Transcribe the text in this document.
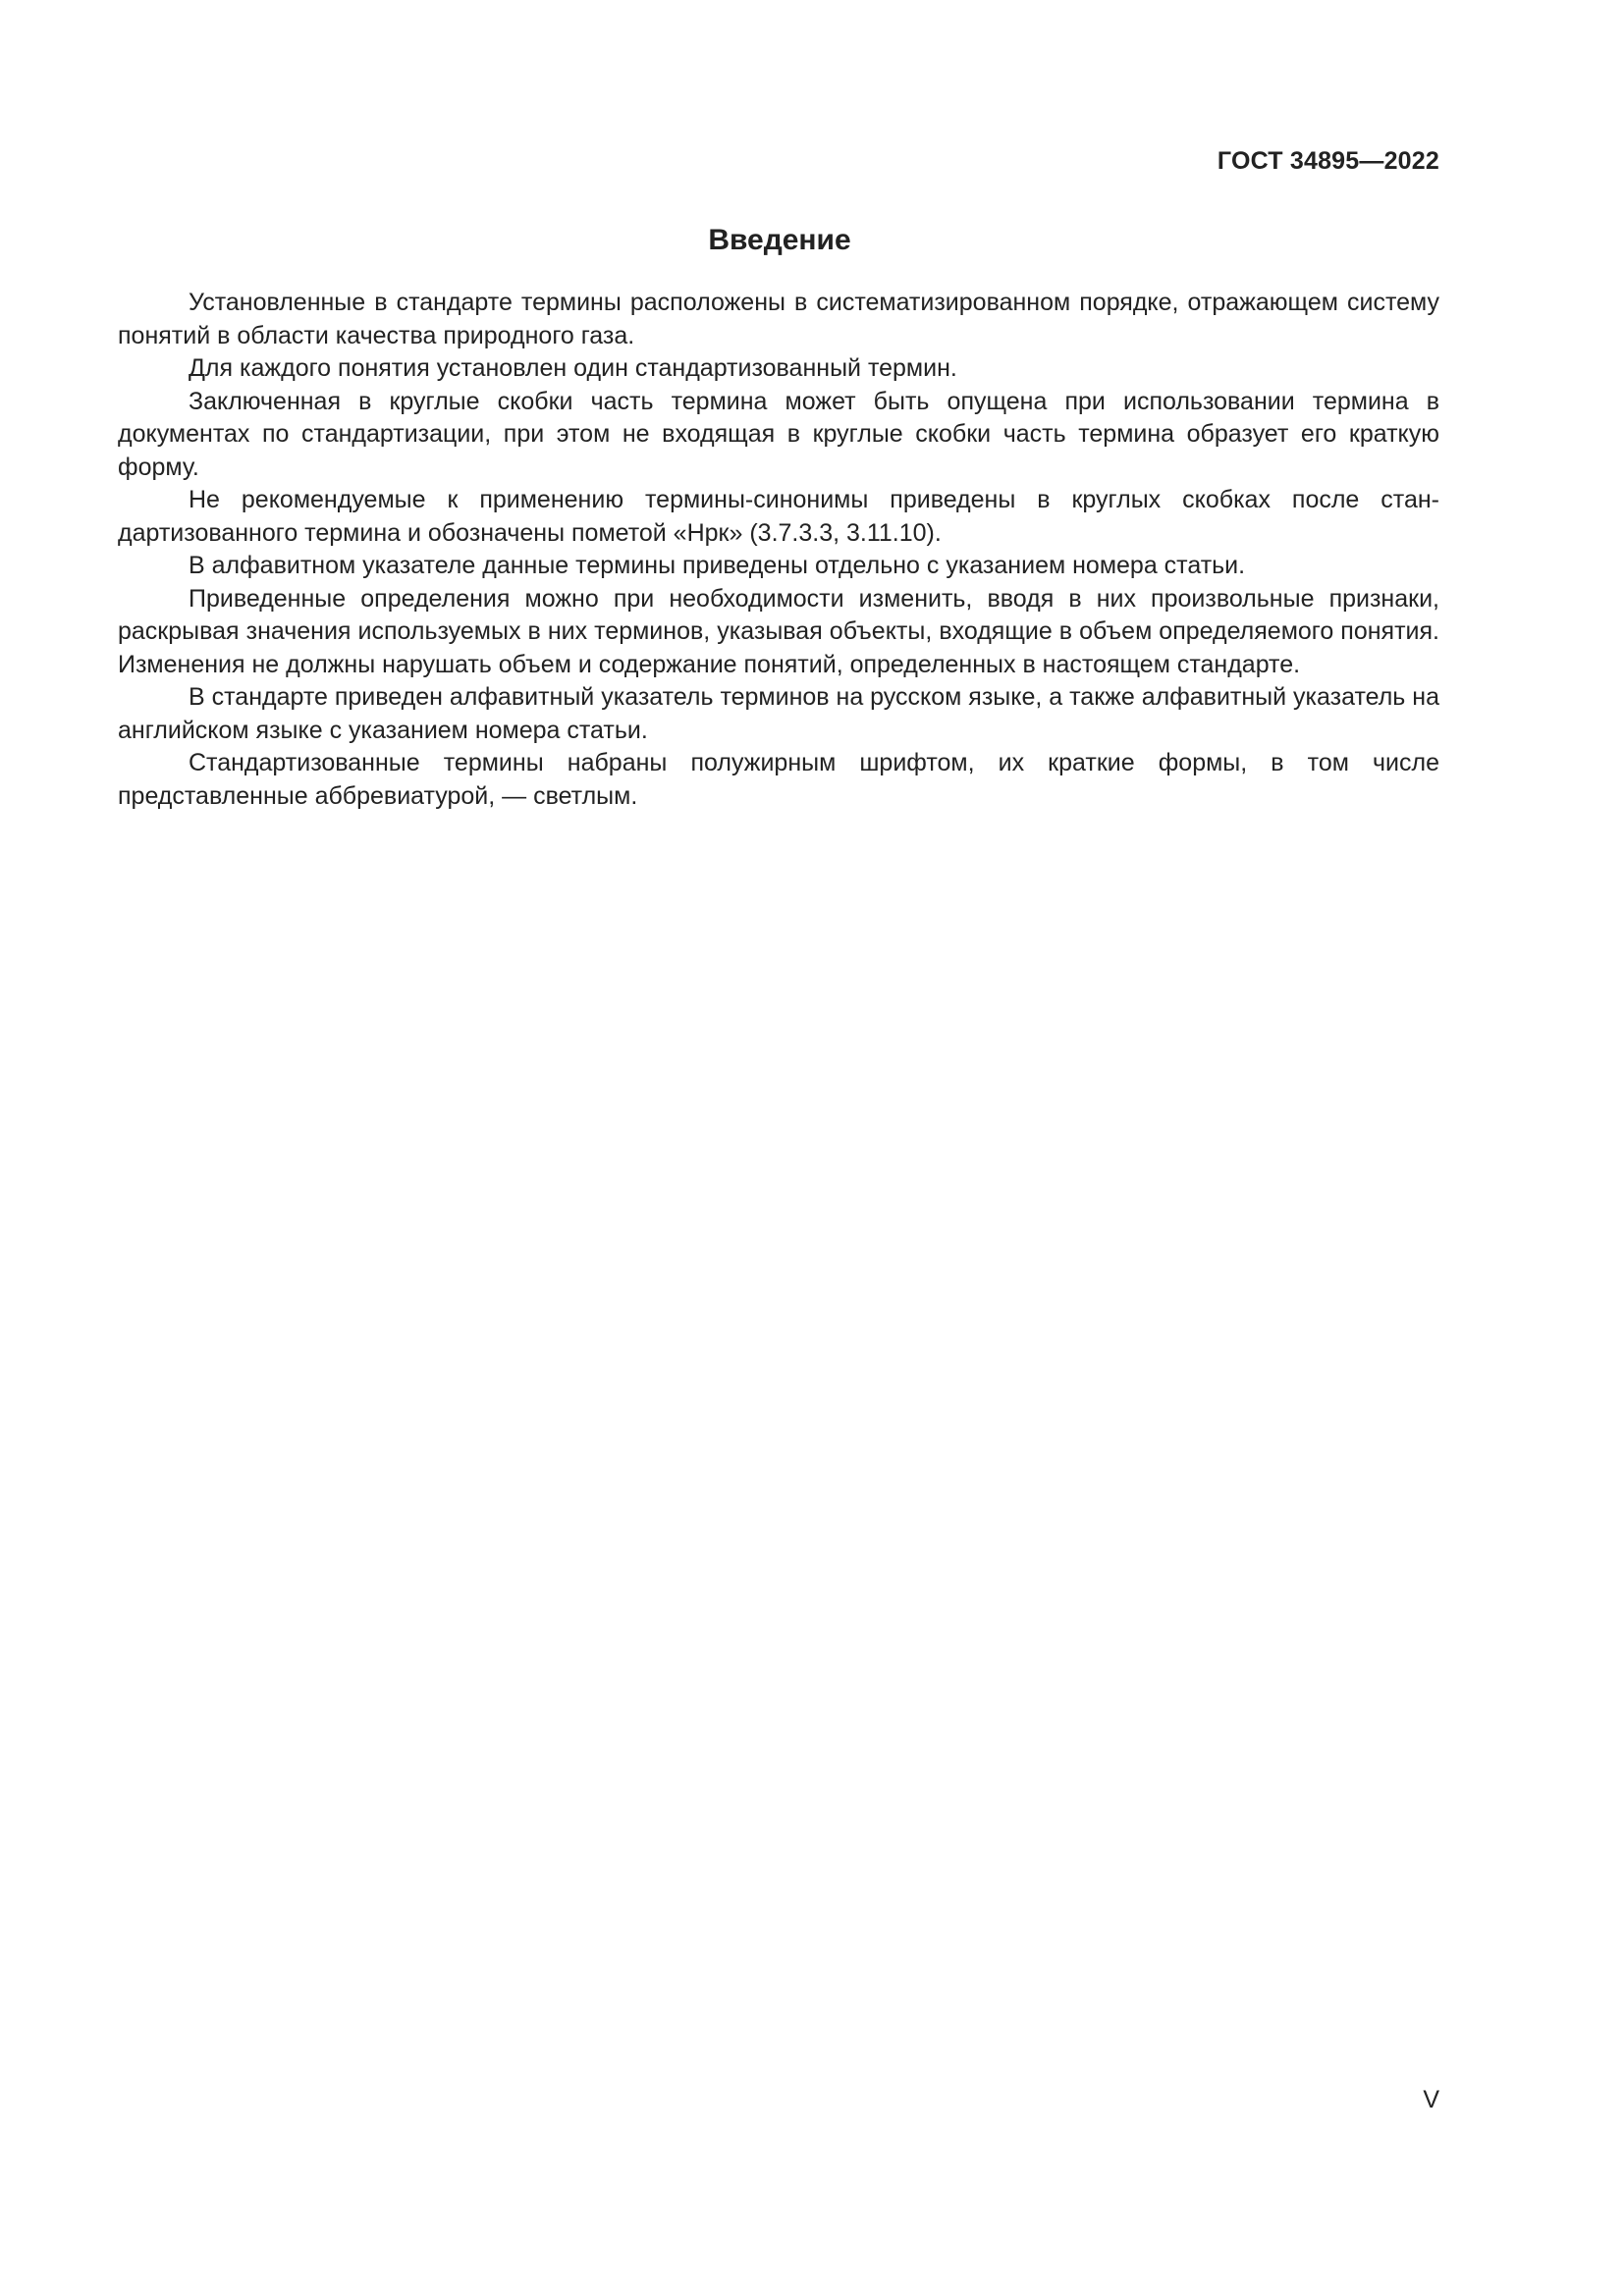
ГОСТ 34895—2022

Введение

Установленные в стандарте термины расположены в систематизированном порядке, отражающем систему понятий в области качества природного газа.

Для каждого понятия установлен один стандартизованный термин.

Заключенная в круглые скобки часть термина может быть опущена при использовании термина в документах по стандартизации, при этом не входящая в круглые скобки часть термина образует его краткую форму.

Не рекомендуемые к применению термины-синонимы приведены в круглых скобках после стандартизованного термина и обозначены пометой «Нрк» (3.7.3.3, 3.11.10).

В алфавитном указателе данные термины приведены отдельно с указанием номера статьи.

Приведенные определения можно при необходимости изменить, вводя в них произвольные признаки, раскрывая значения используемых в них терминов, указывая объекты, входящие в объем определяемого понятия. Изменения не должны нарушать объем и содержание понятий, определенных в настоящем стандарте.

В стандарте приведен алфавитный указатель терминов на русском языке, а также алфавитный указатель на английском языке с указанием номера статьи.

Стандартизованные термины набраны полужирным шрифтом, их краткие формы, в том числе представленные аббревиатурой, — светлым.

V
